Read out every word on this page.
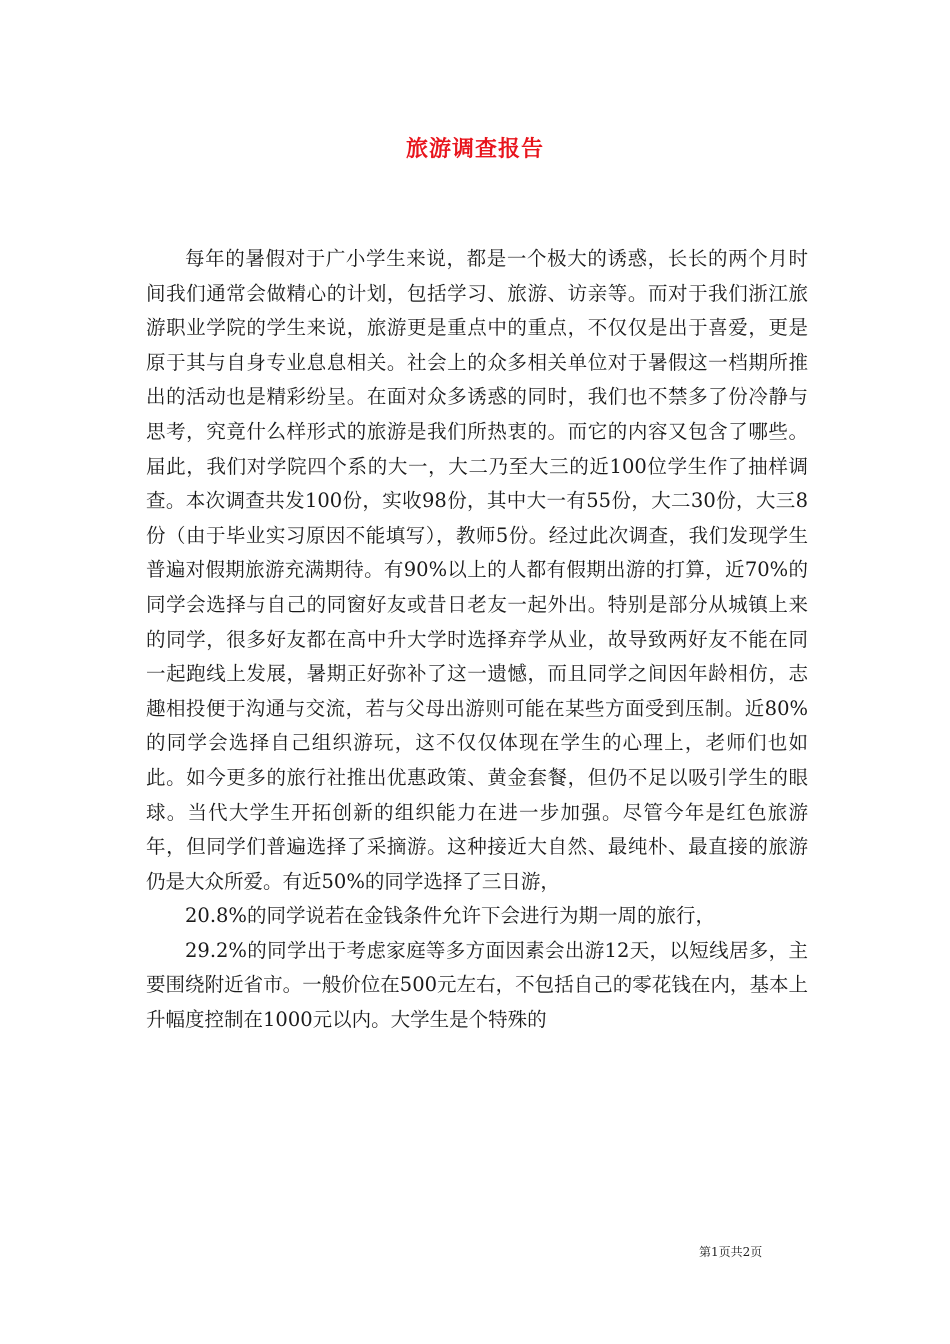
旅游调查报告

每年的暑假对于广小学生来说，都是一个极大的诱惑，长长的两个月时间我们通常会做精心的计划，包括学习、旅游、访亲等。而对于我们浙江旅游职业学院的学生来说，旅游更是重点中的重点，不仅仅是出于喜爱，更是原于其与自身专业息息相关。社会上的众多相关单位对于暑假这一档期所推出的活动也是精彩纷呈。在面对众多诱惑的同时，我们也不禁多了份冷静与思考，究竟什么样形式的旅游是我们所热衷的。而它的内容又包含了哪些。届此，我们对学院四个系的大一，大二乃至大三的近100位学生作了抽样调查。本次调查共发100份，实收98份，其中大一有55份，大二30份，大三8份（由于毕业实习原因不能填写），教师5份。经过此次调查，我们发现学生普遍对假期旅游充满期待。有90%以上的人都有假期出游的打算，近70%的同学会选择与自己的同窗好友或昔日老友一起外出。特别是部分从城镇上来的同学，很多好友都在高中升大学时选择弃学从业，故导致两好友不能在同一起跑线上发展，暑期正好弥补了这一遗憾，而且同学之间因年龄相仿，志趣相投便于沟通与交流，若与父母出游则可能在某些方面受到压制。近80%的同学会选择自己组织游玩，这不仅仅体现在学生的心理上，老师们也如此。如今更多的旅行社推出优惠政策、黄金套餐，但仍不足以吸引学生的眼球。当代大学生开拓创新的组织能力在进一步加强。尽管今年是红色旅游年，但同学们普遍选择了采摘游。这种接近大自然、最纯朴、最直接的旅游仍是大众所爱。有近50%的同学选择了三日游，

20.8%的同学说若在金钱条件允许下会进行为期一周的旅行，

29.2%的同学出于考虑家庭等多方面因素会出游12天，以短线居多，主要围绕附近省市。一般价位在500元左右，不包括自己的零花钱在内，基本上升幅度控制在1000元以内。大学生是个特殊的

第1页共2页
